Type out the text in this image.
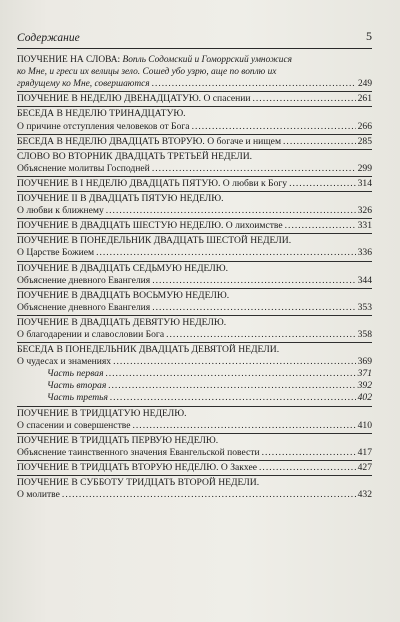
Содержание	5
ПОУЧЕНИЕ НА СЛОВА: Вопль Содомский и Гоморрский умножися
ко Мне, и греси их велицы зело. Сошед убо узрю, аще по воплю их
грядущему ко Мне, совершаются .....	249
ПОУЧЕНИЕ В НЕДЕЛЮ ДВЕНАДЦАТУЮ. О спасении .....	261
БЕСЕДА В НЕДЕЛЮ ТРИНАДЦАТУЮ.
О причине отступления человеков от Бога .....	266
БЕСЕДА В НЕДЕЛЮ ДВАДЦАТЬ ВТОРУЮ. О богаче и нищем .....	285
СЛОВО ВО ВТОРНИК ДВАДЦАТЬ ТРЕТЬЕЙ НЕДЕЛИ.
Объяснение молитвы Господней .....	299
ПОУЧЕНИЕ В I НЕДЕЛЮ ДВАДЦАТЬ ПЯТУЮ. О любви к Богу .....	314
ПОУЧЕНИЕ II В ДВАДЦАТЬ ПЯТУЮ НЕДЕЛЮ.
О любви к ближнему .....	326
ПОУЧЕНИЕ В ДВАДЦАТЬ ШЕСТУЮ НЕДЕЛЮ. О лихоимстве .....	331
ПОУЧЕНИЕ В ПОНЕДЕЛЬНИК ДВАДЦАТЬ ШЕСТОЙ НЕДЕЛИ.
О Царстве Божием .....	336
ПОУЧЕНИЕ В ДВАДЦАТЬ СЕДЬМУЮ НЕДЕЛЮ.
Объяснение дневного Евангелия .....	344
ПОУЧЕНИЕ В ДВАДЦАТЬ ВОСЬМУЮ НЕДЕЛЮ.
Объяснение дневного Евангелия .....	353
ПОУЧЕНИЕ В ДВАДЦАТЬ ДЕВЯТУЮ НЕДЕЛЮ.
О благодарении и славословии Бога .....	358
БЕСЕДА В ПОНЕДЕЛЬНИК ДВАДЦАТЬ ДЕВЯТОЙ НЕДЕЛИ.
О чудесах и знамениях .....	369
Часть первая .....	371
Часть вторая .....	392
Часть третья .....	402
ПОУЧЕНИЕ В ТРИДЦАТУЮ НЕДЕЛЮ.
О спасении и совершенстве .....	410
ПОУЧЕНИЕ В ТРИДЦАТЬ ПЕРВУЮ НЕДЕЛЮ.
Объяснение таинственного значения Евангельской повести .....	417
ПОУЧЕНИЕ В ТРИДЦАТЬ ВТОРУЮ НЕДЕЛЮ. О Закхее .....	427
ПОУЧЕНИЕ В СУББОТУ ТРИДЦАТЬ ВТОРОЙ НЕДЕЛИ.
О молитве .....	432
